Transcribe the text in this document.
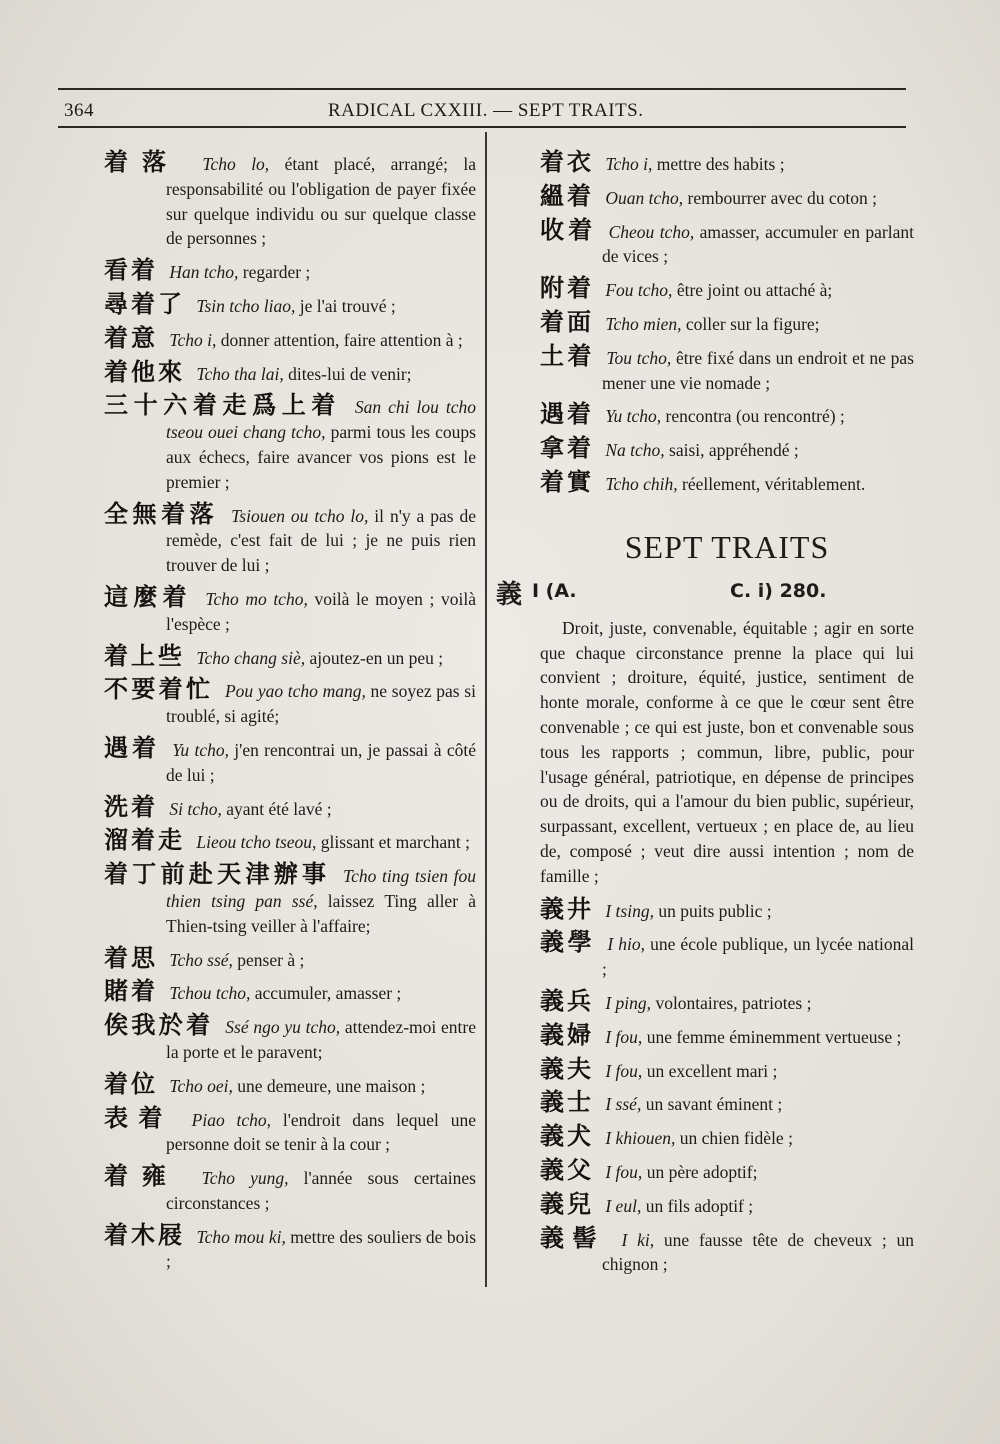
364	RADICAL CXXIII. — SEPT TRAITS.
着落 Tcho lo, étant placé, arrangé; la responsabilité ou l'obligation de payer fixée sur quelque individu ou sur quelque classe de personnes ;
看着 Han tcho, regarder ;
尋着了 Tsin tcho liao, je l'ai trouvé ;
着意 Tcho i, donner attention, faire attention à ;
着他來 Tcho tha lai, dites-lui de venir;
三十六着走爲上着 San chi lou tcho tseou ouei chang tcho, parmi tous les coups aux échecs, faire avancer vos pions est le premier ;
全無着落 Tsiouen ou tcho lo, il n'y a pas de remède, c'est fait de lui ; je ne puis rien trouver de lui ;
這麼着 Tcho mo tcho, voilà le moyen ; voilà l'espèce ;
着上些 Tcho chang siè, ajoutez-en un peu ;
不要着忙 Pou yao tcho mang, ne soyez pas si troublé, si agité;
遇着 Yu tcho, j'en rencontrai un, je passai à côté de lui ;
洗着 Si tcho, ayant été lavé ;
溜着走 Lieou tcho tseou, glissant et marchant ;
着丁前赴天津辦事 Tcho ting tsien fou thien tsing pan ssé, laissez Ting aller à Thien-tsing veiller à l'affaire;
着思 Tcho ssé, penser à ;
賭着 Tchou tcho, accumuler, amasser ;
俟我於着 Ssé ngo yu tcho, attendez-moi entre la porte et le paravent;
着位 Tcho oei, une demeure, une maison ;
表着 Piao tcho, l'endroit dans lequel une personne doit se tenir à la cour ;
着雍 Tcho yung, l'année sous certaines circonstances ;
着木屐 Tcho mou ki, mettre des souliers de bois ;
着衣 Tcho i, mettre des habits ;
縕着 Ouan tcho, rembourrer avec du coton ;
收着 Cheou tcho, amasser, accumuler en parlant de vices ;
附着 Fou tcho, être joint ou attaché à;
着面 Tcho mien, coller sur la figure;
土着 Tou tcho, être fixé dans un endroit et ne pas mener une vie nomade ;
遇着 Yu tcho, rencontra (ou rencontré) ;
拿着 Na tcho, saisi, appréhendé ;
着實 Tcho chih, réellement, véritablement.
SEPT TRAITS
義 I (A.	C. i) 280.
Droit, juste, convenable, équitable ; agir en sorte que chaque circonstance prenne la place qui lui convient ; droiture, équité, justice, sentiment de honte morale, conforme à ce que le cœur sent être convenable ; ce qui est juste, bon et convenable sous tous les rapports ; commun, libre, public, pour l'usage général, patriotique, en dépense de principes ou de droits, qui a l'amour du bien public, supérieur, surpassant, excellent, vertueux ; en place de, au lieu de, composé ; veut dire aussi intention ; nom de famille ;
義井 I tsing, un puits public ;
義學 I hio, une école publique, un lycée national ;
義兵 I ping, volontaires, patriotes ;
義婦 I fou, une femme éminemment vertueuse ;
義夫 I fou, un excellent mari ;
義士 I ssé, un savant éminent ;
義犬 I khiouen, un chien fidèle ;
義父 I fou, un père adoptif;
義兒 I eul, un fils adoptif ;
義髻 I ki, une fausse tête de cheveux ; un chignon ;
